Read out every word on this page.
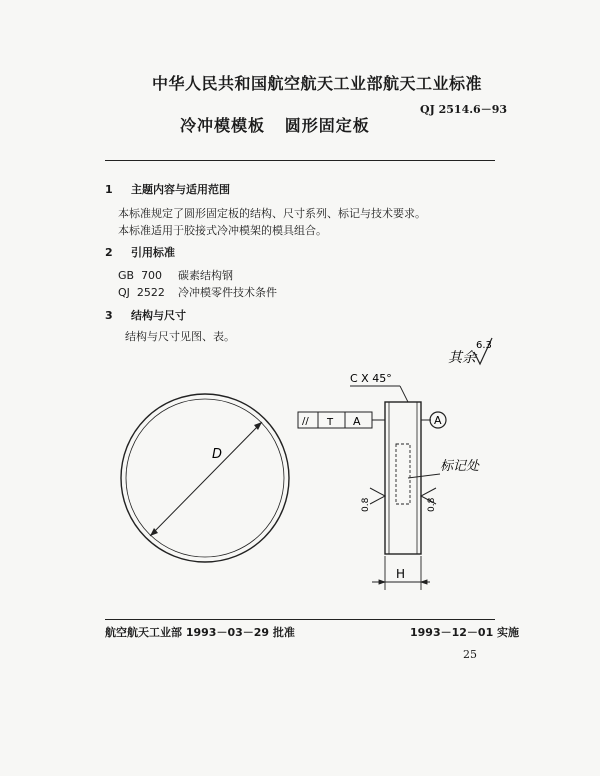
中华人民共和国航空航天工业部航天工业标准
QJ 2514.6－93
冷冲模模板   圆形固定板
1 主题内容与适用范围
本标准规定了圆形固定板的结构、尺寸系列、标记与技术要求。
本标准适用于胶接式冷冲模架的模具组合。
2 引用标准
GB  700 碳素结构钢
QJ  2522 冷冲模零件技术条件
3 结构与尺寸
结构与尺寸见图、表。
其余
6.3
D
C X 45°
// T A	A
标记处
0.8	0.8
H
航空航天工业部 1993－03－29 批准	1993－12－01 实施
25
